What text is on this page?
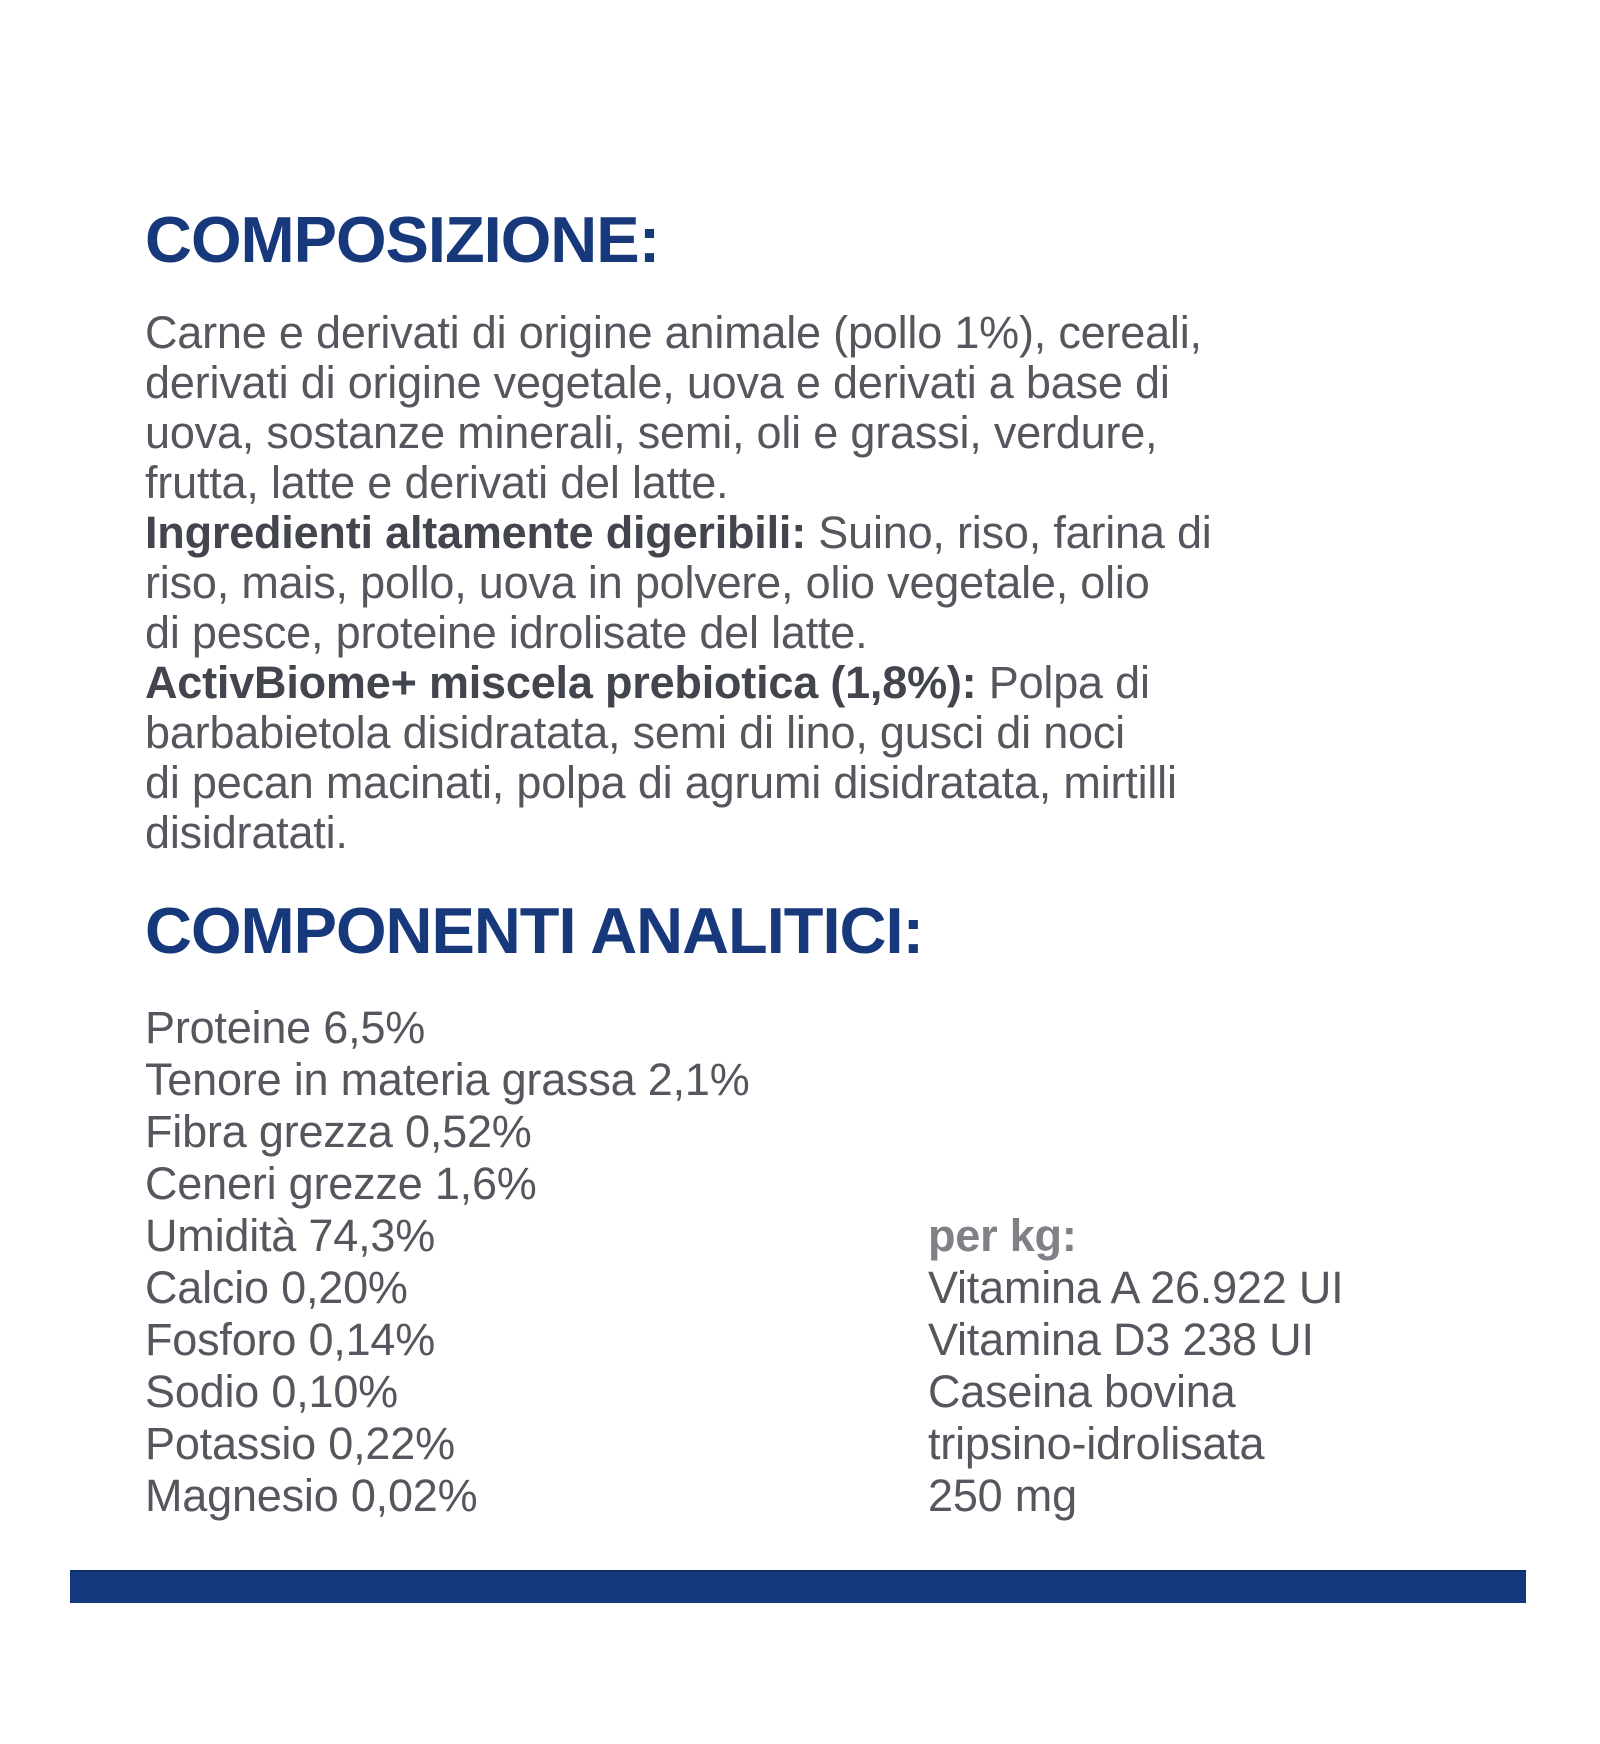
COMPOSIZIONE:
Carne e derivati di origine animale (pollo 1%), cereali,
derivati di origine vegetale, uova e derivati a base di
uova, sostanze minerali, semi, oli e grassi, verdure,
frutta, latte e derivati del latte.
Ingredienti altamente digeribili: Suino, riso, farina di
riso, mais, pollo, uova in polvere, olio vegetale, olio
di pesce, proteine idrolisate del latte.
ActivBiome+ miscela prebiotica (1,8%): Polpa di
barbabietola disidratata, semi di lino, gusci di noci
di pecan macinati, polpa di agrumi disidratata, mirtilli
disidratati.
COMPONENTI ANALITICI:
Proteine 6,5%
Tenore in materia grassa 2,1%
Fibra grezza 0,52%
Ceneri grezze 1,6%
Umidità 74,3%
Calcio 0,20%
Fosforo 0,14%
Sodio 0,10%
Potassio 0,22%
Magnesio 0,02%
per kg:
Vitamina A 26.922 UI
Vitamina D3 238 UI
Caseina bovina
tripsino-idrolisata
250 mg
